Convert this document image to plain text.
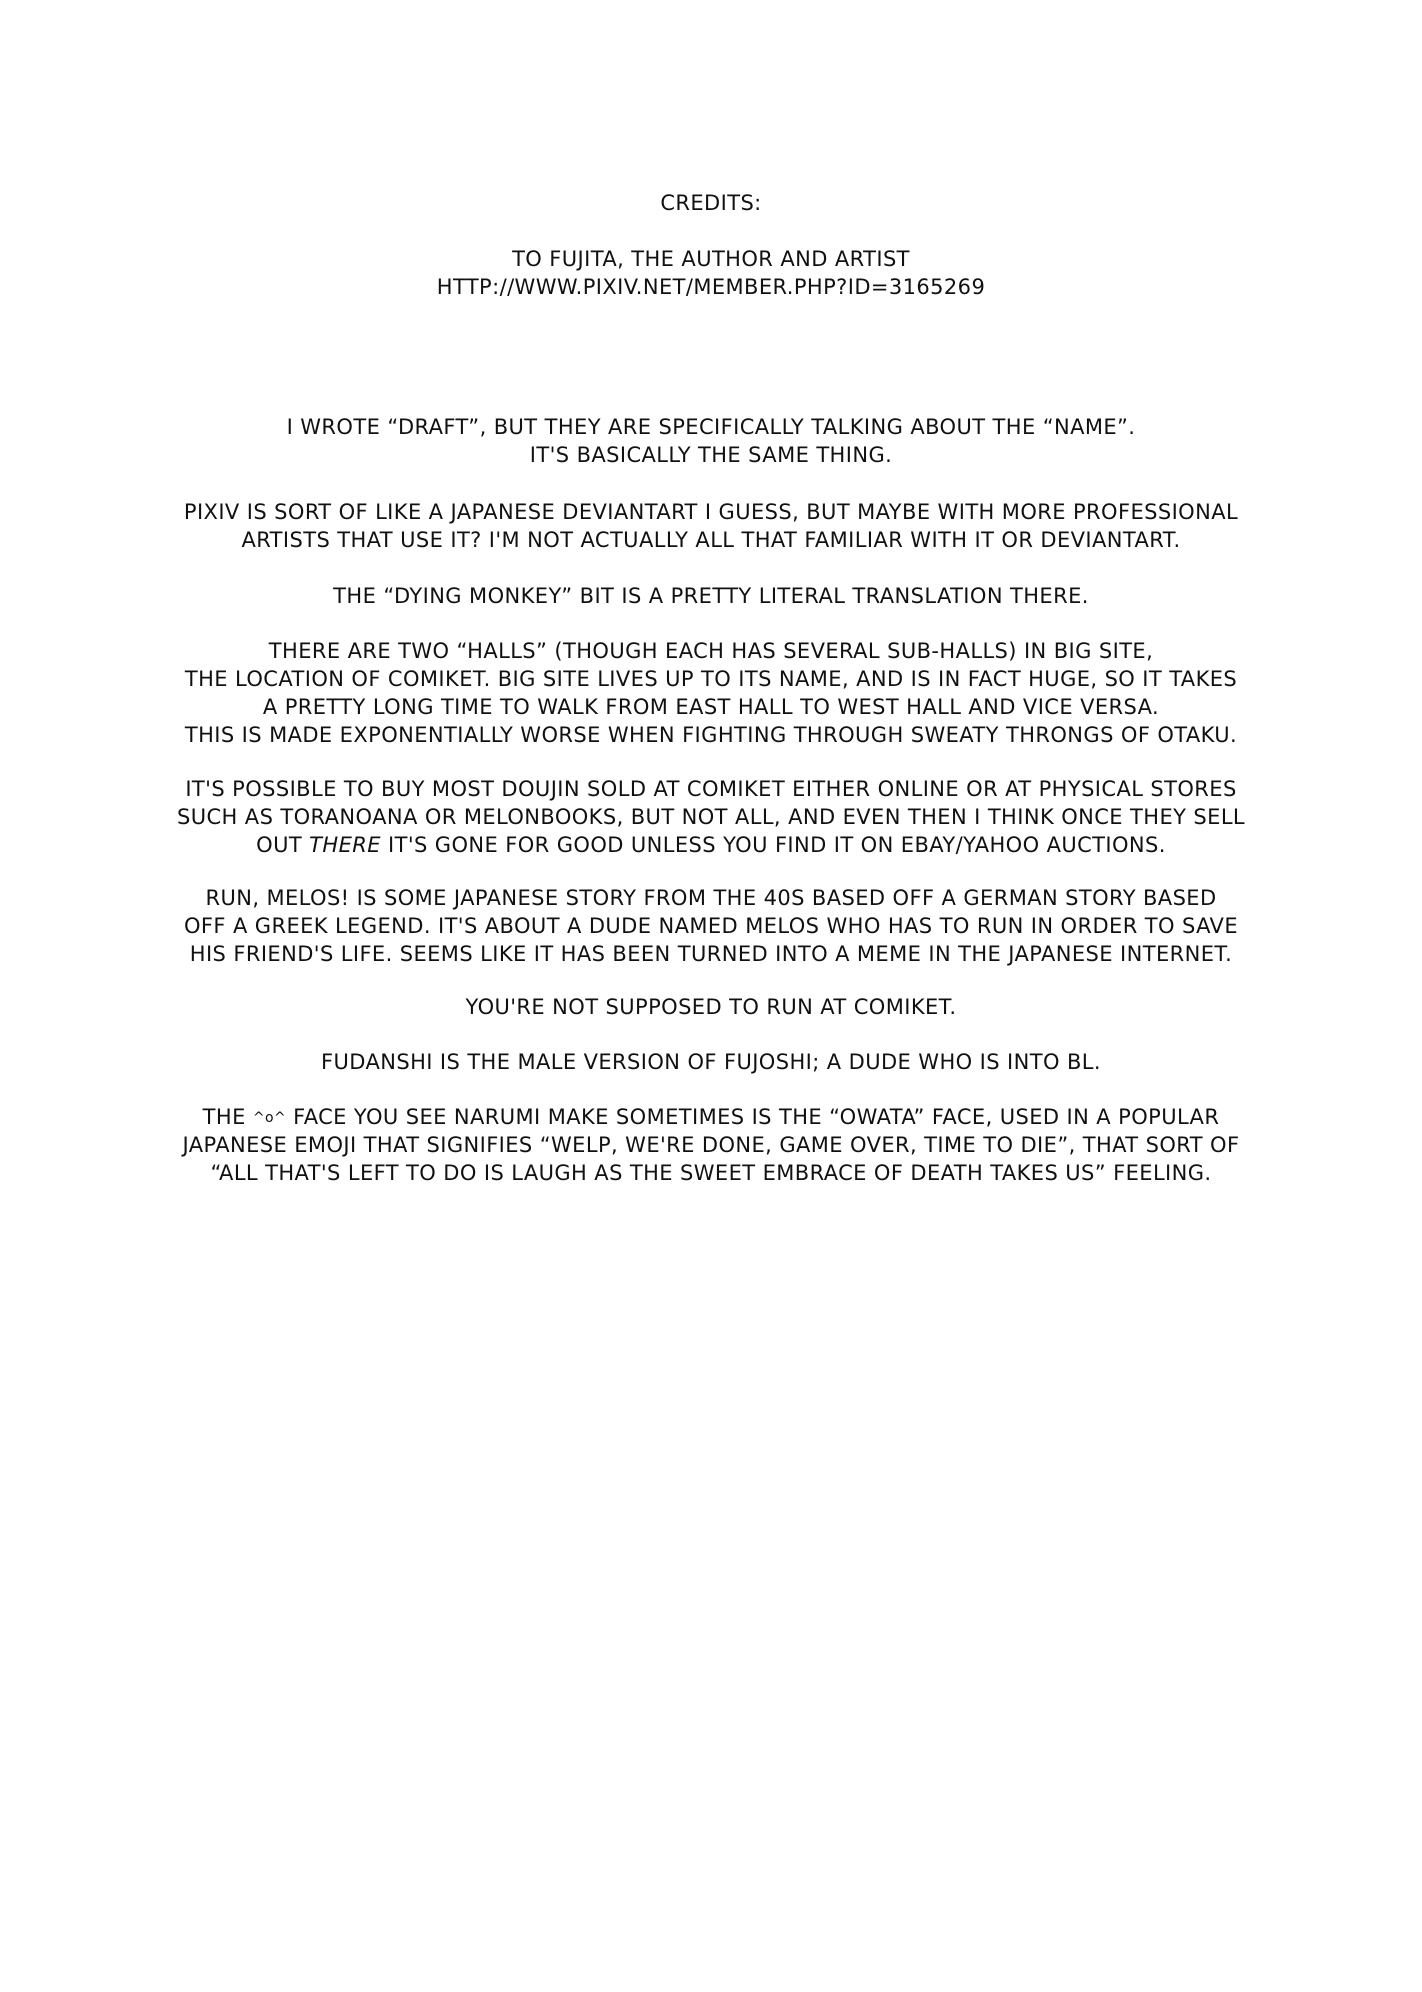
CREDITS:
TO FUJITA, THE AUTHOR AND ARTIST
HTTP://WWW.PIXIV.NET/MEMBER.PHP?ID=3165269
I WROTE “DRAFT”, BUT THEY ARE SPECIFICALLY TALKING ABOUT THE “NAME”.
IT'S BASICALLY THE SAME THING.
PIXIV IS SORT OF LIKE A JAPANESE DEVIANTART I GUESS, BUT MAYBE WITH MORE PROFESSIONAL
ARTISTS THAT USE IT? I'M NOT ACTUALLY ALL THAT FAMILIAR WITH IT OR DEVIANTART.
THE “DYING MONKEY” BIT IS A PRETTY LITERAL TRANSLATION THERE.
THERE ARE TWO “HALLS” (THOUGH EACH HAS SEVERAL SUB-HALLS) IN BIG SITE,
THE LOCATION OF COMIKET. BIG SITE LIVES UP TO ITS NAME, AND IS IN FACT HUGE, SO IT TAKES
A PRETTY LONG TIME TO WALK FROM EAST HALL TO WEST HALL AND VICE VERSA.
THIS IS MADE EXPONENTIALLY WORSE WHEN FIGHTING THROUGH SWEATY THRONGS OF OTAKU.
IT'S POSSIBLE TO BUY MOST DOUJIN SOLD AT COMIKET EITHER ONLINE OR AT PHYSICAL STORES
SUCH AS TORANOANA OR MELONBOOKS, BUT NOT ALL, AND EVEN THEN I THINK ONCE THEY SELL
OUT THERE IT'S GONE FOR GOOD UNLESS YOU FIND IT ON EBAY/YAHOO AUCTIONS.
RUN, MELOS! IS SOME JAPANESE STORY FROM THE 40S BASED OFF A GERMAN STORY BASED
OFF A GREEK LEGEND. IT'S ABOUT A DUDE NAMED MELOS WHO HAS TO RUN IN ORDER TO SAVE
HIS FRIEND'S LIFE. SEEMS LIKE IT HAS BEEN TURNED INTO A MEME IN THE JAPANESE INTERNET.
YOU'RE NOT SUPPOSED TO RUN AT COMIKET.
FUDANSHI IS THE MALE VERSION OF FUJOSHI; A DUDE WHO IS INTO BL.
THE ^o^ FACE YOU SEE NARUMI MAKE SOMETIMES IS THE “OWATA” FACE, USED IN A POPULAR
JAPANESE EMOJI THAT SIGNIFIES “WELP, WE'RE DONE, GAME OVER, TIME TO DIE”, THAT SORT OF
“ALL THAT'S LEFT TO DO IS LAUGH AS THE SWEET EMBRACE OF DEATH TAKES US” FEELING.
